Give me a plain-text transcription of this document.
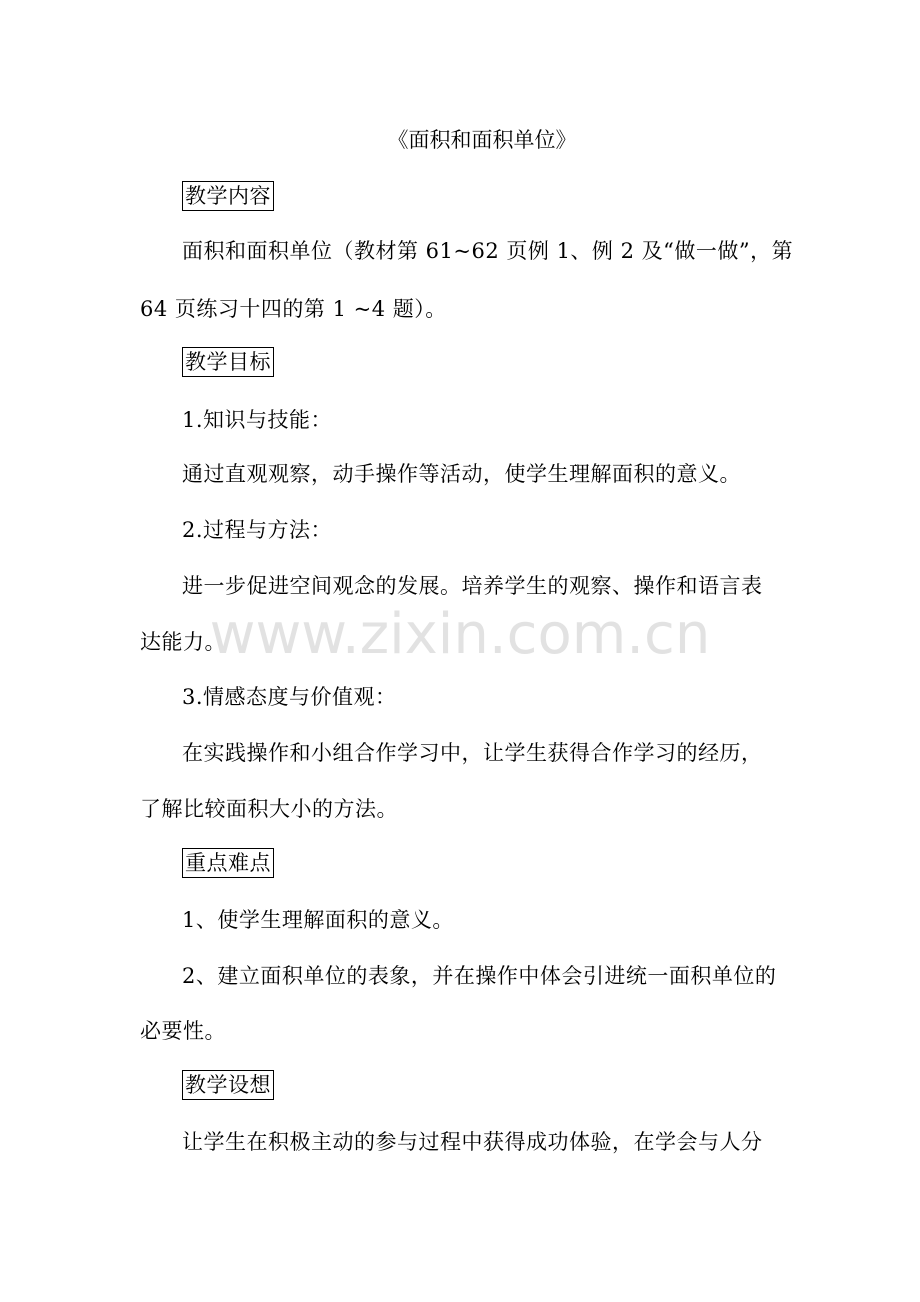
《面积和面积单位》
教学内容
面积和面积单位（教材第 61~62 页例 1、例 2 及“做一做”，第
64 页练习十四的第 1 ~4 题）。
教学目标
1.知识与技能：
通过直观观察，动手操作等活动，使学生理解面积的意义。
2.过程与方法：
进一步促进空间观念的发展。培养学生的观察、操作和语言表
达能力。
3.情感态度与价值观：
在实践操作和小组合作学习中，让学生获得合作学习的经历，
了解比较面积大小的方法。
重点难点
1、使学生理解面积的意义。
2、建立面积单位的表象，并在操作中体会引进统一面积单位的
必要性。
教学设想
让学生在积极主动的参与过程中获得成功体验，在学会与人分
www.zixin.com.cn
